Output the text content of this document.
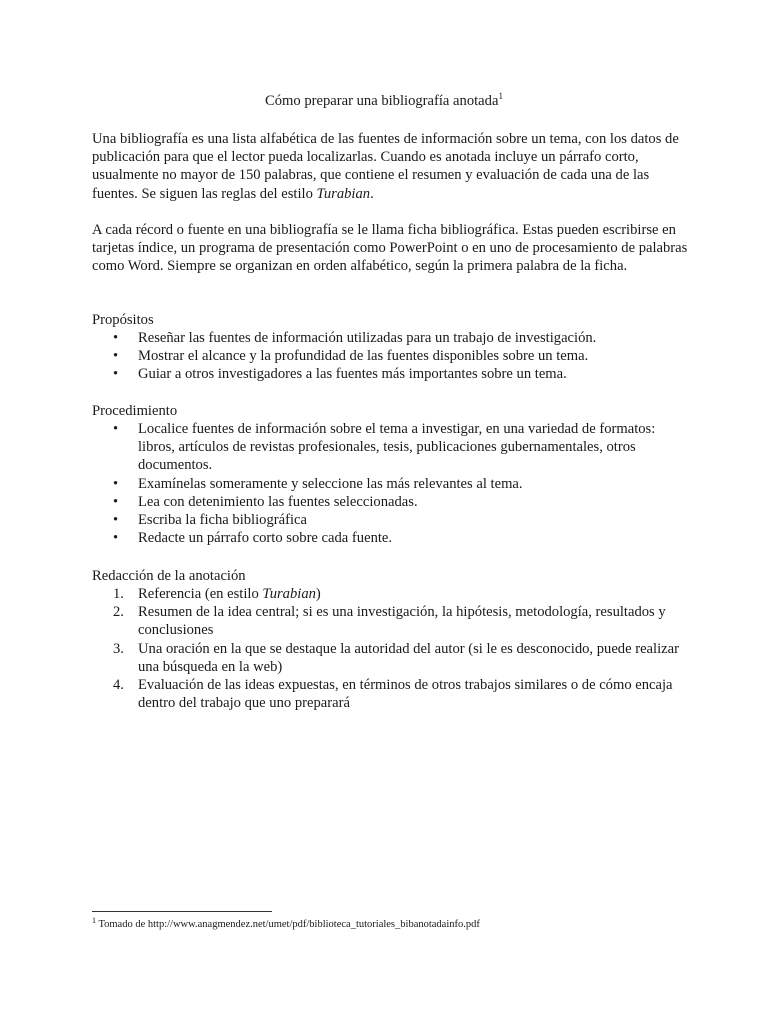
Cómo preparar una bibliografía anotada$^1$

Una bibliografía es una lista alfabética de las fuentes de información sobre un tema, con los datos de publicación para que el lector pueda localizarlas. Cuando es anotada incluye un párrafo corto, usualmente no mayor de 150 palabras, que contiene el resumen y evaluación de cada una de las fuentes. Se siguen las reglas del estilo Turabian.

A cada récord o fuente en una bibliografía se le llama ficha bibliográfica. Estas pueden escribirse en tarjetas índice, un programa de presentación como PowerPoint o en uno de procesamiento de palabras como Word. Siempre se organizan en orden alfabético, según la primera palabra de la ficha.

Propósitos

• Reseñar las fuentes de información utilizadas para un trabajo de investigación.
• Mostrar el alcance y la profundidad de las fuentes disponibles sobre un tema.
• Guiar a otros investigadores a las fuentes más importantes sobre un tema.

Procedimiento

• Localice fuentes de información sobre el tema a investigar, en una variedad de formatos: libros, artículos de revistas profesionales, tesis, publicaciones gubernamentales, otros documentos.
• Examínelas someramente y seleccione las más relevantes al tema.
• Lea con detenimiento las fuentes seleccionadas.
• Escriba la ficha bibliográfica
• Redacte un párrafo corto sobre cada fuente.

Redacción de la anotación

1. Referencia (en estilo Turabian)
2. Resumen de la idea central; si es una investigación, la hipótesis, metodología, resultados y conclusiones
3. Una oración en la que se destaque la autoridad del autor (si le es desconocido, puede realizar una búsqueda en la web)
4. Evaluación de las ideas expuestas, en términos de otros trabajos similares o de cómo encaja dentro del trabajo que uno preparará
$^1$ Tomado de http://www.anagmendez.net/umet/pdf/biblioteca_tutoriales_bibanotadainfo.pdf
